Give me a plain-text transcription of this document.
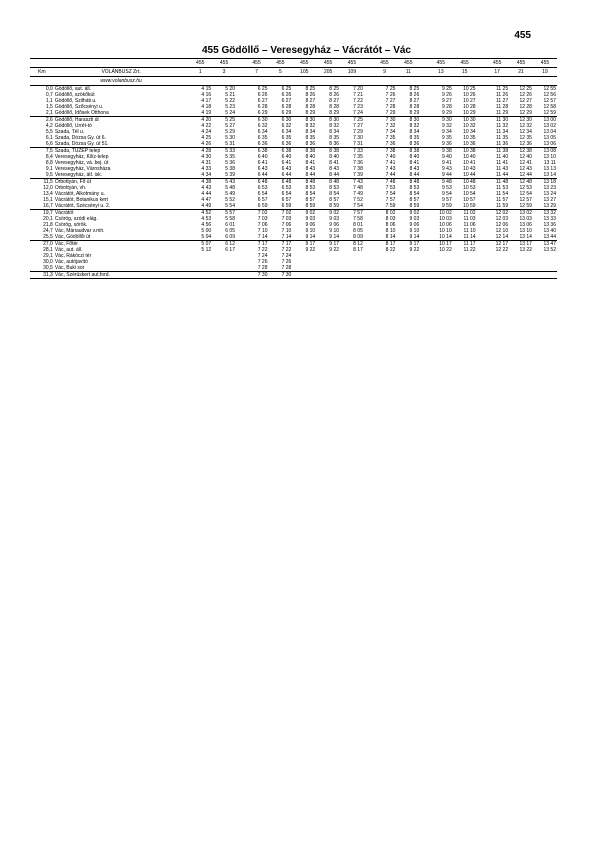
455
455 Gödöllő – Veresegyház – Vácrátót – Vác
		455	455		455	455	455	455	455		455	455		455	455		455	455	455
Km	VOLÁNBUSZ Zrt.	1	3		7	5	105	205	109		9	11		13	15		17	21	19
	www.volanbusz.hu																		
0,0	Gödöllő, aut. áll.	4 15	5 20		6 25	6 25	8 25	8 25	7 20		7 25	8 25		9 25	10 25		11 25	12 25	12 55
0,7	Gödöllő, szökőkút	4 16	5 21		6 26	6 26	8 26	8 26	7 21		7 26	8 26		9 26	10 26		11 26	12 26	12 56
1,1	Gödöllő, Szilháti u.	4 17	5 22		6 27	6 27	8 27	8 27	7 22		7 27	8 27		9 27	10 27		11 27	12 27	12 57
1,5	Gödöllő, Szőcsényi u.	4 18	5 23		6 28	6 28	8 28	8 28	7 23		7 28	8 28		9 28	10 28		11 28	12 28	12 58
2,1	Gödöllő, Idősek Otthona	4 19	5 24		6 29	6 29	8 29	8 29	7 24		7 29	8 29		9 29	10 29		11 29	12 29	12 59
2,6	Gödöllő, Haraszti út	4 20	5 25		6 30	6 30	8 30	8 30	7 25		7 30	8 30		9 30	10 30		11 30	12 30	13 00
4,2	Gödöllő, Úrrét-tó	4 22	5 27		6 32	6 32	8 32	8 32	7 27		7 32	8 32		9 32	10 32		11 32	12 32	13 02
5,5	Szada, Tél u.	4 24	5 29		6 34	6 34	8 34	8 34	7 29		7 34	8 34		9 34	10 34		11 34	12 34	13 04
6,1	Szada, Dózsa Gy. út 6.	4 25	5 30		6 35	6 35	8 35	8 35	7 30		7 35	8 35		9 35	10 35		11 35	12 35	13 05
6,6	Szada, Dózsa Gy. út 51.	4 26	5 31		6 36	6 36	8 36	8 36	7 31		7 36	8 36		9 36	10 36		11 36	12 36	13 06
7,5	Szada, TÜZÉP telep	4 28	5 33		6 38	6 38	8 38	8 38	7 33		7 38	8 38		9 38	10 38		11 38	12 38	13 08
8,4	Veresegyház, Kilíz-telep	4 30	5 35		6 40	6 40	8 40	8 40	7 35		7 40	8 40		9 40	10 40		11 40	12 40	13 10
8,8	Veresegyház, vá. bej. út	4 31	5 36		6 41	6 41	8 41	8 41	7 36		7 41	8 41		9 41	10 41		11 41	12 41	13 11
9,1	Veresegyház, Városháza	4 33	5 38		6 43	6 43	8 43	8 43	7 38		7 43	8 43		9 43	10 43		11 43	12 43	13 13
9,5	Veresegyház, átl. isk.	4 34	5 39		6 44	6 44	8 44	8 44	7 39		7 44	8 44		9 44	10 44		11 44	12 44	13 14
11,5	Őrbottyán, Fő út	4 38	5 43		6 48	6 48	8 48	8 48	7 43		7 48	8 48		9 48	10 48		11 48	12 48	13 18
12,0	Őrbottyán, vh.	4 43	5 48		6 53	6 53	8 53	8 53	7 48		7 53	8 53		9 53	10 53		11 53	12 53	13 23
13,4	Vácrátót, Alkotmány u.	4 44	5 49		6 54	6 54	8 54	8 54	7 49		7 54	8 54		9 54	10 54		11 54	12 54	13 24
15,1	Vácrátót, Botanikus kert	4 47	5 52		6 57	6 57	8 57	8 57	7 52		7 57	8 57		9 57	10 57		11 57	12 57	13 27
16,7	Vácrátót, Szécsényi u. 2.	4 49	5 54		6 59	6 59	8 59	8 59	7 54		7 59	8 59		9 59	10 59		11 59	12 59	13 29
19,7	Vácrátót	4 52	5 57		7 02	7 02	9 02	9 02	7 57		8 02	9 02		10 02	11 02		12 02	13 02	13 32
20,1	Csörög, szódi elág.	4 53	5 58		7 03	7 03	9 03	9 03	7 58		8 03	9 03		10 03	11 03		12 03	13 03	13 33
21,8	Csörög, sörök.	4 56	6 01		7 06	7 06	9 06	9 06	8 01		8 06	9 06		10 06	11 06		12 06	13 06	13 36
24,7	Vác, Máriaudvar v.mh.	5 00	6 05		7 10	7 10	9 10	9 10	8 05		8 10	9 10		10 10	11 10		12 10	13 10	13 40
25,5	Vác, Gödöllői út	5 04	6 09		7 14	7 14	9 14	9 14	8 09		8 14	9 14		10 14	11 14		12 14	13 14	13 44
27,0	Vác, Főtér	5 07	6 12		7 17	7 17	9 17	9 17	8 12		8 17	9 17		10 17	11 17		12 17	13 17	13 47
28,1	Vác, aut. áll.	5 12	6 17		7 22	7 22	9 22	9 22	8 17		8 22	9 22		10 22	11 22		12 22	13 22	13 52
29,1	Vác, Rákóczi tér				7 24	7 24													
30,0	Vác, autójavító				7 26	7 26													
30,5	Vác, Buki sor				7 28	7 28													
31,3	Vác, Szérüskert aut.ford.				7 30	7 30													
